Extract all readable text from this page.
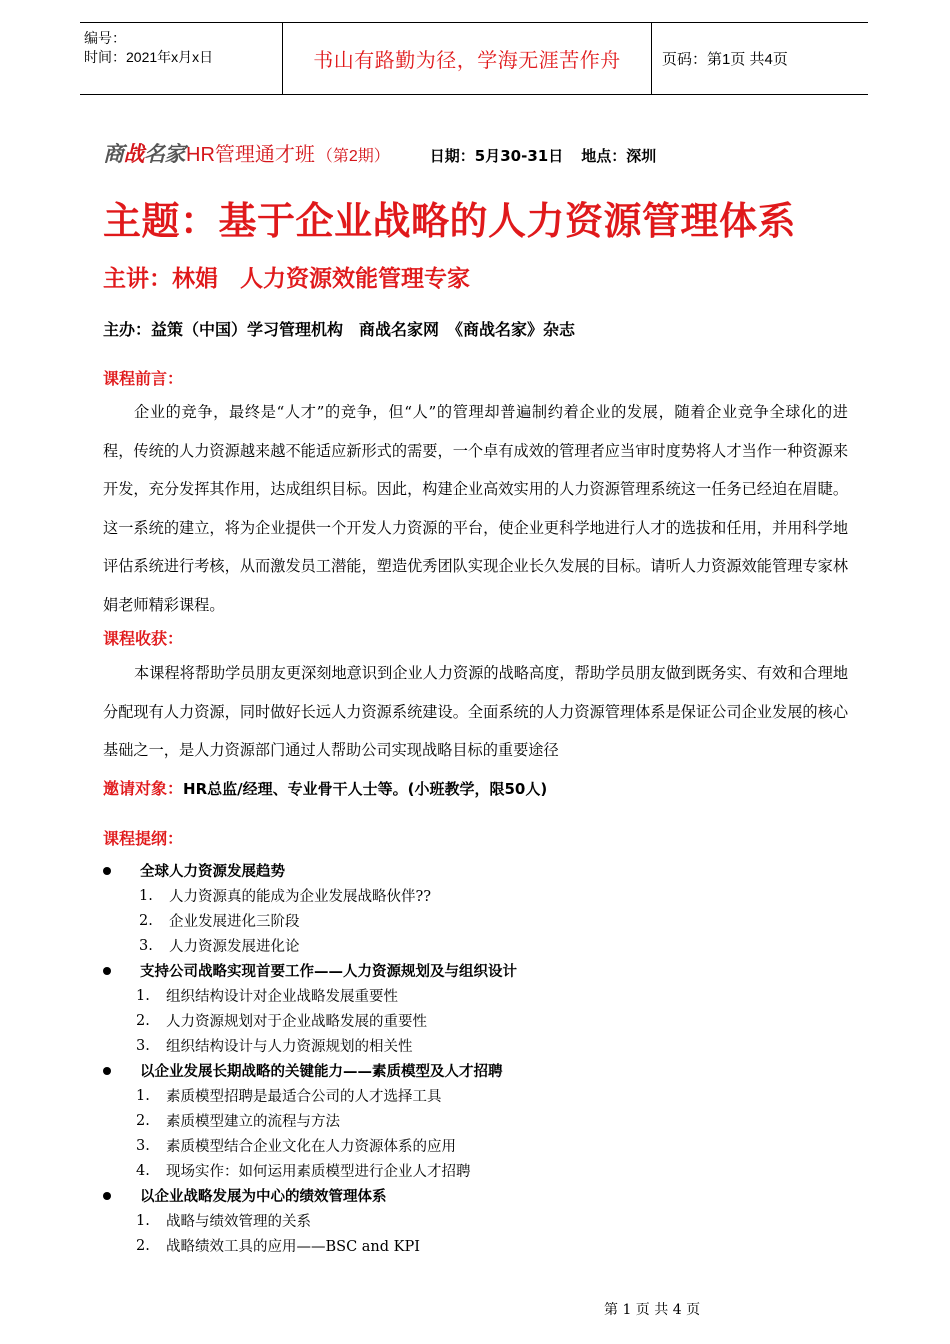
编号：
时间：2021年x月x日	书山有路勤为径，学海无涯苦作舟	页码：第1页 共4页
商战名家 HR管理通才班 （第2期）	日期：5月30-31日 地点：深圳
主题：基于企业战略的人力资源管理体系
主讲：林娟 人力资源效能管理专家
主办：益策（中国）学习管理机构　商战名家网　《商战名家》杂志
课程前言：
企业的竞争，最终是“人才”的竞争，但“人”的管理却普遍制约着企业的发展，随着企业竞争全球化的进程，传统的人力资源越来越不能适应新形式的需要，一个卓有成效的管理者应当审时度势将人才当作一种资源来开发，充分发挥其作用，达成组织目标。因此，构建企业高效实用的人力资源管理系统这一任务已经迫在眉睫。这一系统的建立，将为企业提供一个开发人力资源的平台，使企业更科学地进行人才的选拔和任用，并用科学地评估系统进行考核，从而激发员工潜能，塑造优秀团队实现企业长久发展的目标。请听人力资源效能管理专家林娟老师精彩课程。
课程收获：
本课程将帮助学员朋友更深刻地意识到企业人力资源的战略高度，帮助学员朋友做到既务实、有效和合理地分配现有人力资源，同时做好长远人力资源系统建设。全面系统的人力资源管理体系是保证公司企业发展的核心基础之一，是人力资源部门通过人帮助公司实现战略目标的重要途径
邀请对象：HR总监/经理、专业骨干人士等。(小班教学，限50人)
课程提纲：
全球人力资源发展趋势
1.	人力资源真的能成为企业发展战略伙伴??
2.	企业发展进化三阶段
3.	人力资源发展进化论
支持公司战略实现首要工作——人力资源规划及与组织设计
1.	组织结构设计对企业战略发展重要性
2.	人力资源规划对于企业战略发展的重要性
3.	组织结构设计与人力资源规划的相关性
以企业发展长期战略的关键能力——素质模型及人才招聘
1.	素质模型招聘是最适合公司的人才选择工具
2.	素质模型建立的流程与方法
3.	素质模型结合企业文化在人力资源体系的应用
4.	现场实作：如何运用素质模型进行企业人才招聘
以企业战略发展为中心的绩效管理体系
1.	战略与绩效管理的关系
2.	战略绩效工具的应用——BSC and KPI
第 1 页 共 4 页
